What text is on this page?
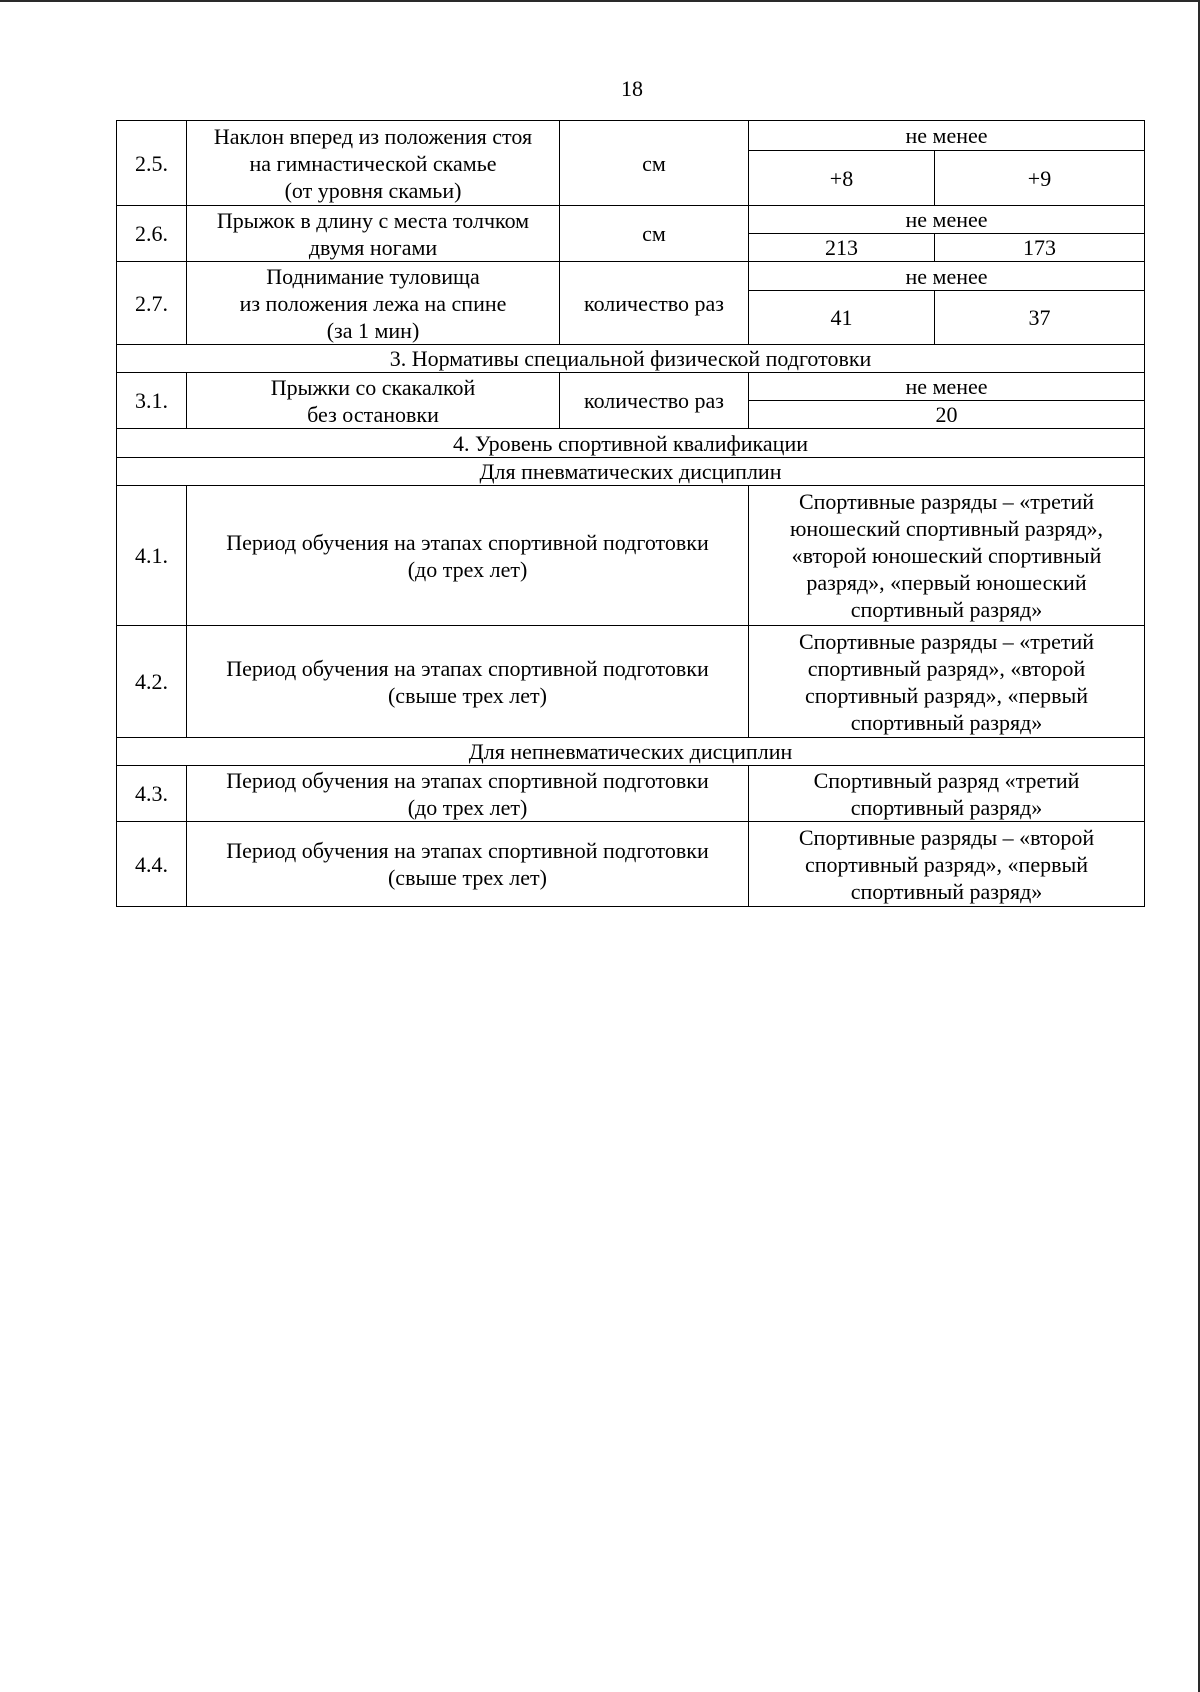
18
2.5.	Наклон вперед из положения стоя
на гимнастической скамье
(от уровня скамьи)	см	не менее	
			+8	+9
2.6.	Прыжок в длину с места толчком
двумя ногами	см	не менее	
			213	173
2.7.	Поднимание туловища
из положения лежа на спине
(за 1 мин)	количество раз	не менее	
			41	37
3. Нормативы специальной физической подготовки				
3.1.	Прыжки со скакалкой
без остановки	количество раз	не менее	
			20	
4. Уровень спортивной квалификации				
Для пневматических дисциплин				
4.1.	Период обучения на этапах спортивной подготовки
(до трех лет)		Спортивные разряды – «третий
юношеский спортивный разряд»,
«второй юношеский спортивный
разряд», «первый юношеский
спортивный разряд»	
4.2.	Период обучения на этапах спортивной подготовки
(свыше трех лет)		Спортивные разряды – «третий
спортивный разряд», «второй
спортивный разряд», «первый
спортивный разряд»	
Для непневматических дисциплин				
4.3.	Период обучения на этапах спортивной подготовки
(до трех лет)		Спортивный разряд «третий
спортивный разряд»	
4.4.	Период обучения на этапах спортивной подготовки
(свыше трех лет)		Спортивные разряды – «второй
спортивный разряд», «первый
спортивный разряд»	
